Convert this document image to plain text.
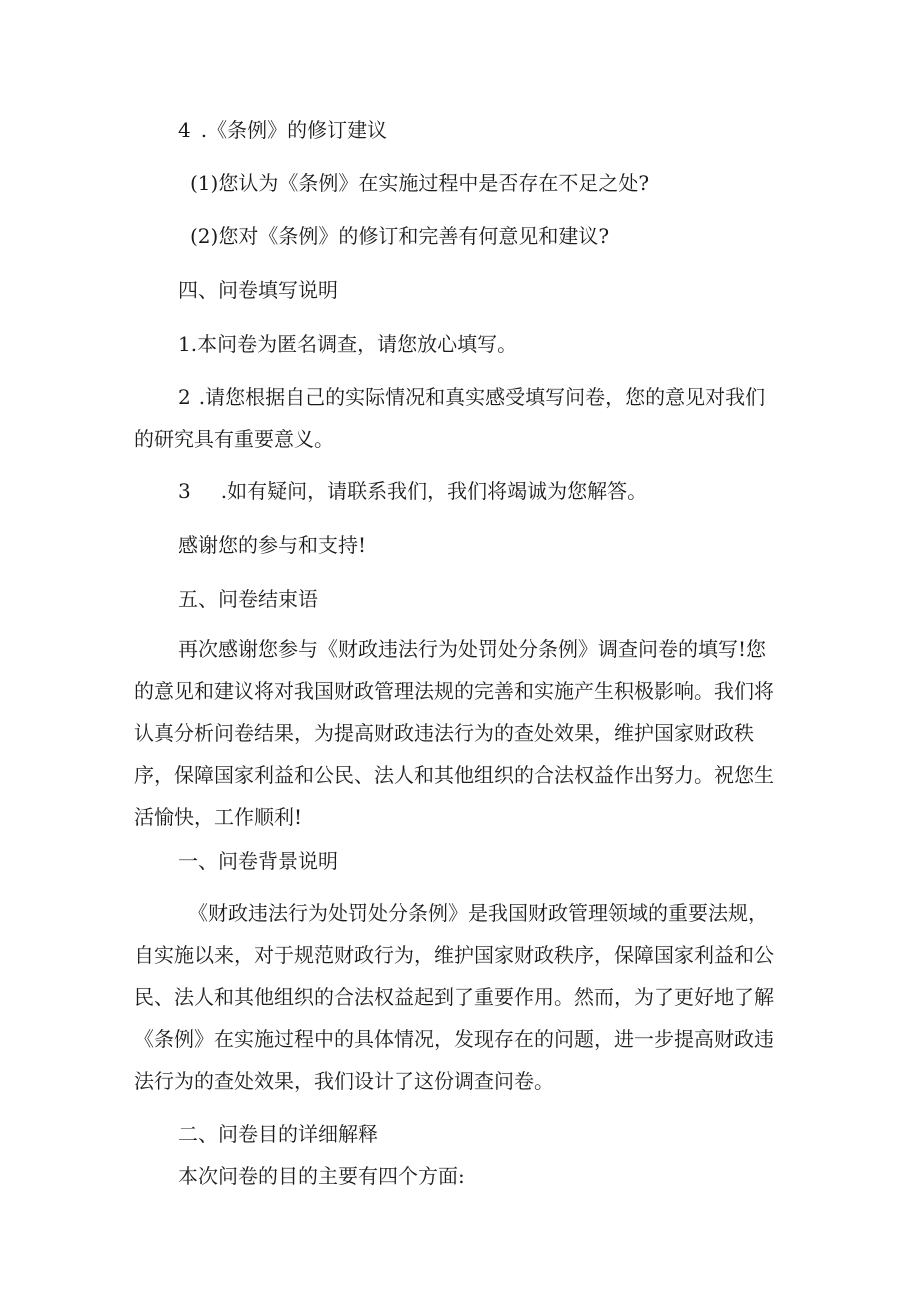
4 .《条例》的修订建议
(1)您认为《条例》在实施过程中是否存在不足之处?
(2)您对《条例》的修订和完善有何意见和建议?
四、问卷填写说明
1.本问卷为匿名调查，请您放心填写。
2 .请您根据自己的实际情况和真实感受填写问卷，您的意见对我们的研究具有重要意义。
3 .如有疑问，请联系我们，我们将竭诚为您解答。
感谢您的参与和支持!
五、问卷结束语
再次感谢您参与《财政违法行为处罚处分条例》调查问卷的填写!您的意见和建议将对我国财政管理法规的完善和实施产生积极影响。我们将认真分析问卷结果，为提高财政违法行为的查处效果，维护国家财政秩序，保障国家利益和公民、法人和其他组织的合法权益作出努力。祝您生活愉快，工作顺利!
一、问卷背景说明
《财政违法行为处罚处分条例》是我国财政管理领域的重要法规，自实施以来，对于规范财政行为，维护国家财政秩序，保障国家利益和公民、法人和其他组织的合法权益起到了重要作用。然而，为了更好地了解《条例》在实施过程中的具体情况，发现存在的问题，进一步提高财政违法行为的查处效果，我们设计了这份调查问卷。
二、问卷目的详细解释
本次问卷的目的主要有四个方面:
